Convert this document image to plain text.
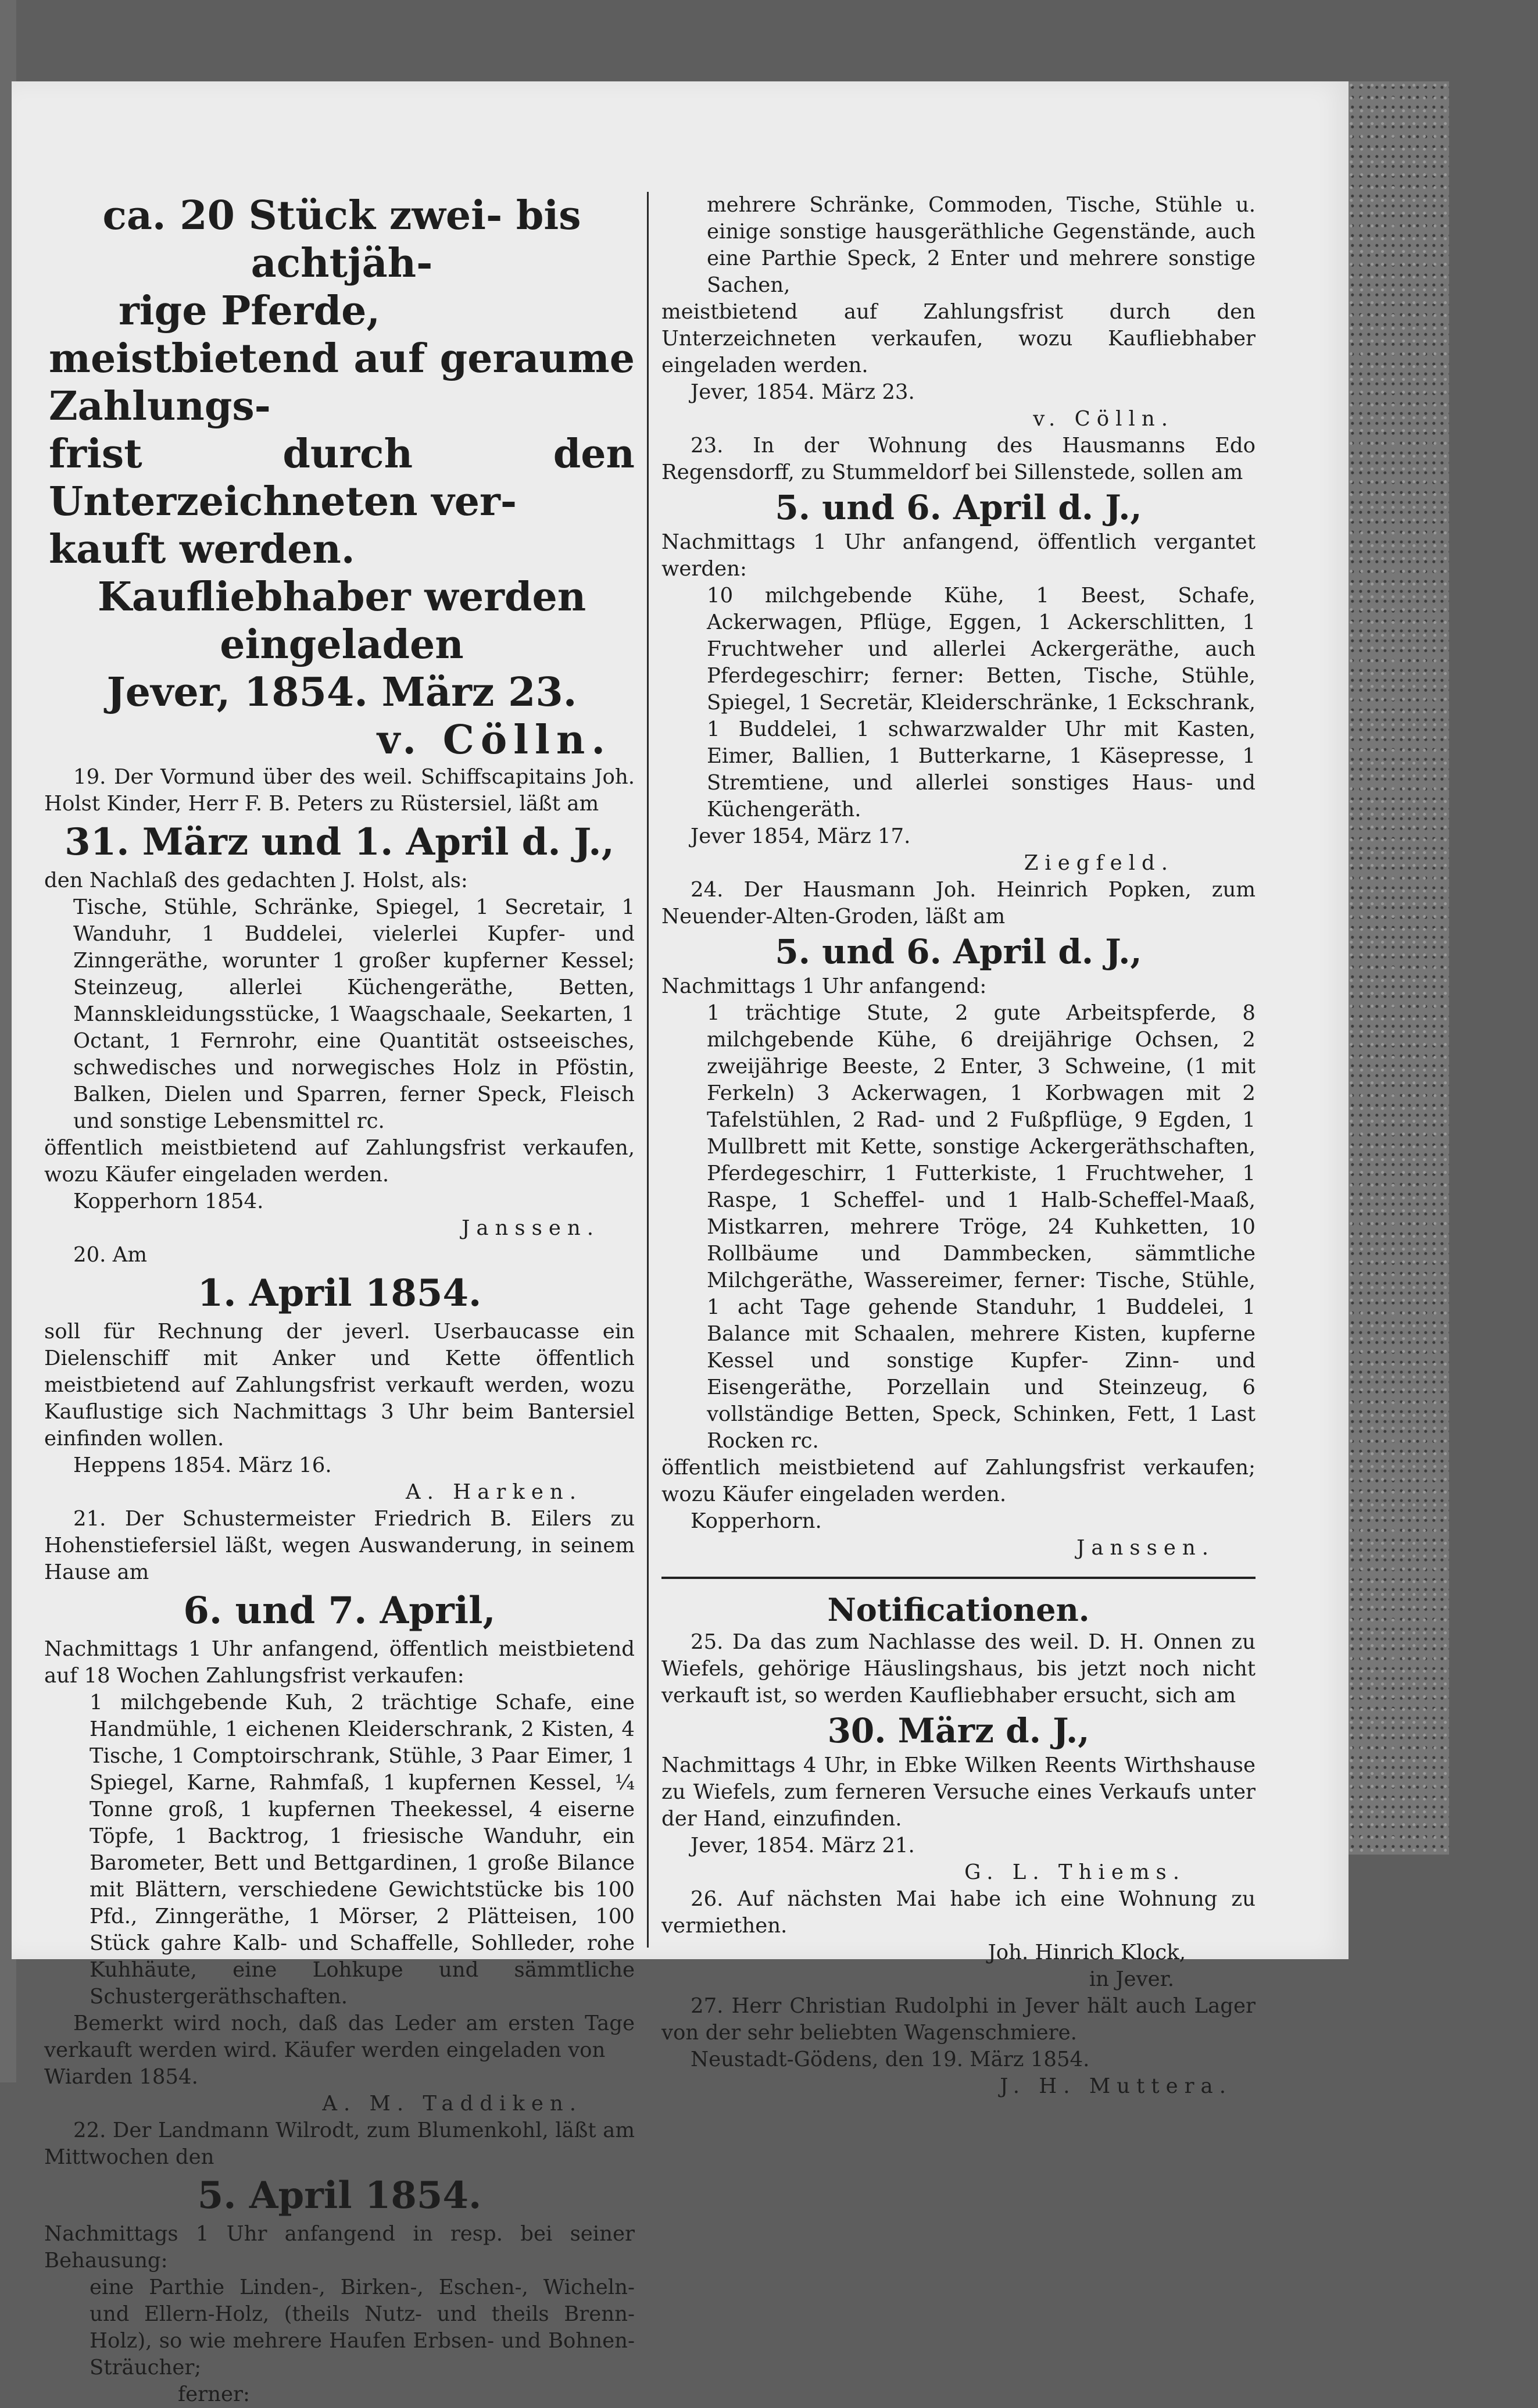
ca. 20 Stück zwei- bis achtjäh-

rige Pferde,

meistbietend auf geraume Zahlungs-

frist durch den Unterzeichneten ver-

kauft werden.

Kaufliebhaber werden eingeladen

Jever, 1854. März 23.

v. Cölln.

19. Der Vormund über des weil. Schiffscapitains Joh. Holst Kinder, Herr F. B. Peters zu Rüstersiel, läßt am

31. März und 1. April d. J.,

den Nachlaß des gedachten J. Holst, als:

Tische, Stühle, Schränke, Spiegel, 1 Secretair, 1 Wanduhr, 1 Buddelei, vielerlei Kupfer- und Zinngeräthe, worunter 1 großer kupferner Kessel; Steinzeug, allerlei Küchengeräthe, Betten, Mannskleidungsstücke, 1 Waagschaale, Seekarten, 1 Octant, 1 Fernrohr, eine Quantität ostseeisches, schwedisches und norwegisches Holz in Pföstin, Balken, Dielen und Sparren, ferner Speck, Fleisch und sonstige Lebensmittel rc.

öffentlich meistbietend auf Zahlungsfrist verkaufen, wozu Käufer eingeladen werden.

Kopperhorn 1854.

Janssen.

20. Am

1. April 1854.

soll für Rechnung der jeverl. Userbaucasse ein Dielenschiff mit Anker und Kette öffentlich meistbietend auf Zahlungsfrist verkauft werden, wozu Kauflustige sich Nachmittags 3 Uhr beim Bantersiel einfinden wollen.

Heppens 1854. März 16.

A. Harken.

21. Der Schustermeister Friedrich B. Eilers zu Hohenstiefersiel läßt, wegen Auswanderung, in seinem Hause am

6. und 7. April,

Nachmittags 1 Uhr anfangend, öffentlich meistbietend auf 18 Wochen Zahlungsfrist verkaufen:

1 milchgebende Kuh, 2 trächtige Schafe, eine Handmühle, 1 eichenen Kleiderschrank, 2 Kisten, 4 Tische, 1 Comptoirschrank, Stühle, 3 Paar Eimer, 1 Spiegel, Karne, Rahmfaß, 1 kupfernen Kessel, ¼ Tonne groß, 1 kupfernen Theekessel, 4 eiserne Töpfe, 1 Backtrog, 1 friesische Wanduhr, ein Barometer, Bett und Bettgardinen, 1 große Bilance mit Blättern, verschiedene Gewichtstücke bis 100 Pfd., Zinngeräthe, 1 Mörser, 2 Plätteisen, 100 Stück gahre Kalb- und Schaffelle, Sohlleder, rohe Kuhhäute, eine Lohkupe und sämmtliche Schustergeräthschaften.

Bemerkt wird noch, daß das Leder am ersten Tage verkauft werden wird. Käufer werden eingeladen von

Wiarden 1854.

A. M. Taddiken.

22. Der Landmann Wilrodt, zum Blumenkohl, läßt am Mittwochen den

5. April 1854.

Nachmittags 1 Uhr anfangend in resp. bei seiner Behausung:

eine Parthie Linden-, Birken-, Eschen-, Wicheln- und Ellern-Holz, (theils Nutz- und theils Brenn-Holz), so wie mehrere Haufen Erbsen- und Bohnen-Sträucher;

ferner:

mehrere Schränke, Commoden, Tische, Stühle u. einige sonstige hausgeräthliche Gegenstände, auch eine Parthie Speck, 2 Enter und mehrere sonstige Sachen,

meistbietend auf Zahlungsfrist durch den Unterzeichneten verkaufen, wozu Kaufliebhaber eingeladen werden.

Jever, 1854. März 23.

v. Cölln.

23. In der Wohnung des Hausmanns Edo Regensdorff, zu Stummeldorf bei Sillenstede, sollen am

5. und 6. April d. J.,

Nachmittags 1 Uhr anfangend, öffentlich vergantet werden:

10 milchgebende Kühe, 1 Beest, Schafe, Ackerwagen, Pflüge, Eggen, 1 Ackerschlitten, 1 Fruchtweher und allerlei Ackergeräthe, auch Pferdegeschirr; ferner: Betten, Tische, Stühle, Spiegel, 1 Secretär, Kleiderschränke, 1 Eckschrank, 1 Buddelei, 1 schwarzwalder Uhr mit Kasten, Eimer, Ballien, 1 Butterkarne, 1 Käsepresse, 1 Stremtiene, und allerlei sonstiges Haus- und Küchengeräth.

Jever 1854, März 17.

Ziegfeld.

24. Der Hausmann Joh. Heinrich Popken, zum Neuender-Alten-Groden, läßt am

5. und 6. April d. J.,

Nachmittags 1 Uhr anfangend:

1 trächtige Stute, 2 gute Arbeitspferde, 8 milchgebende Kühe, 6 dreijährige Ochsen, 2 zweijährige Beeste, 2 Enter, 3 Schweine, (1 mit Ferkeln) 3 Ackerwagen, 1 Korbwagen mit 2 Tafelstühlen, 2 Rad- und 2 Fußpflüge, 9 Egden, 1 Mullbrett mit Kette, sonstige Ackergeräthschaften, Pferdegeschirr, 1 Futterkiste, 1 Fruchtweher, 1 Raspe, 1 Scheffel- und 1 Halb-Scheffel-Maaß, Mistkarren, mehrere Tröge, 24 Kuhketten, 10 Rollbäume und Dammbecken, sämmtliche Milchgeräthe, Wassereimer, ferner: Tische, Stühle, 1 acht Tage gehende Standuhr, 1 Buddelei, 1 Balance mit Schaalen, mehrere Kisten, kupferne Kessel und sonstige Kupfer- Zinn- und Eisengeräthe, Porzellain und Steinzeug, 6 vollständige Betten, Speck, Schinken, Fett, 1 Last Rocken rc.

öffentlich meistbietend auf Zahlungsfrist verkaufen; wozu Käufer eingeladen werden.

Kopperhorn.

Janssen.

Notificationen.

25. Da das zum Nachlasse des weil. D. H. Onnen zu Wiefels, gehörige Häuslingshaus, bis jetzt noch nicht verkauft ist, so werden Kaufliebhaber ersucht, sich am

30. März d. J.,

Nachmittags 4 Uhr, in Ebke Wilken Reents Wirthshause zu Wiefels, zum ferneren Versuche eines Verkaufs unter der Hand, einzufinden.

Jever, 1854. März 21.

G. L. Thiems.

26. Auf nächsten Mai habe ich eine Wohnung zu vermiethen.

Joh. Hinrich Klock,

in Jever.

27. Herr Christian Rudolphi in Jever hält auch Lager von der sehr beliebten Wagenschmiere.

Neustadt-Gödens, den 19. März 1854.

J. H. Muttera.
